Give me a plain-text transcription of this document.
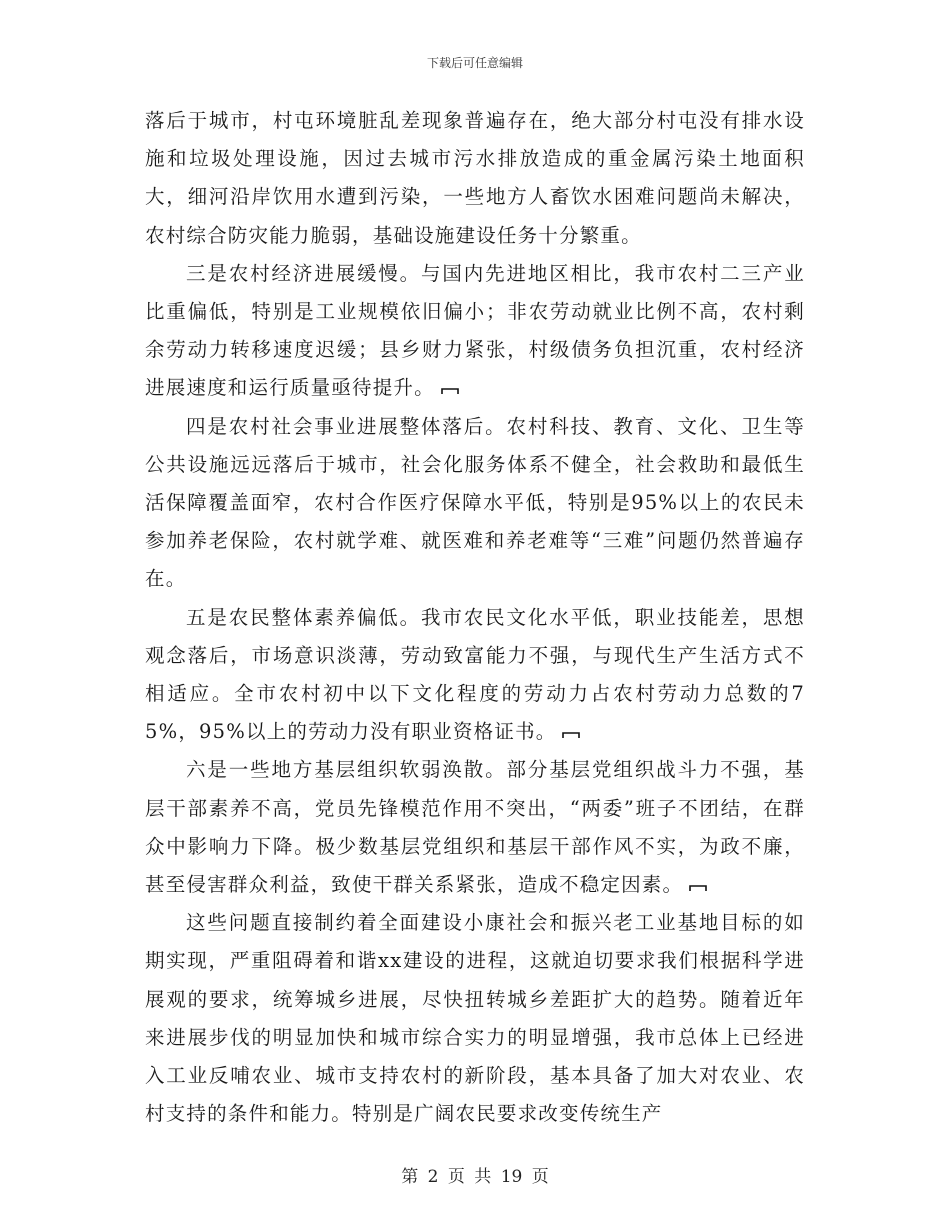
下载后可任意编辑

落后于城市，村屯环境脏乱差现象普遍存在，绝大部分村屯没有排水设施和垃圾处理设施，因过去城市污水排放造成的重金属污染土地面积大，细河沿岸饮用水遭到污染，一些地方人畜饮水困难问题尚未解决，农村综合防灾能力脆弱，基础设施建设任务十分繁重。

三是农村经济进展缓慢。与国内先进地区相比，我市农村二三产业比重偏低，特别是工业规模依旧偏小；非农劳动就业比例不高，农村剩余劳动力转移速度迟缓；县乡财力紧张，村级债务负担沉重，农村经济进展速度和运行质量亟待提升。

四是农村社会事业进展整体落后。农村科技、教育、文化、卫生等公共设施远远落后于城市，社会化服务体系不健全，社会救助和最低生活保障覆盖面窄，农村合作医疗保障水平低，特别是95%以上的农民未参加养老保险，农村就学难、就医难和养老难等“三难”问题仍然普遍存在。

五是农民整体素养偏低。我市农民文化水平低，职业技能差，思想观念落后，市场意识淡薄，劳动致富能力不强，与现代生产生活方式不相适应。全市农村初中以下文化程度的劳动力占农村劳动力总数的75%，95%以上的劳动力没有职业资格证书。

六是一些地方基层组织软弱涣散。部分基层党组织战斗力不强，基层干部素养不高，党员先锋模范作用不突出，“两委”班子不团结，在群众中影响力下降。极少数基层党组织和基层干部作风不实，为政不廉，甚至侵害群众利益，致使干群关系紧张，造成不稳定因素。

这些问题直接制约着全面建设小康社会和振兴老工业基地目标的如期实现，严重阻碍着和谐xx建设的进程，这就迫切要求我们根据科学进展观的要求，统筹城乡进展，尽快扭转城乡差距扩大的趋势。随着近年来进展步伐的明显加快和城市综合实力的明显增强，我市总体上已经进入工业反哺农业、城市支持农村的新阶段，基本具备了加大对农业、农村支持的条件和能力。特别是广阔农民要求改变传统生产

第 2 页 共 19 页
